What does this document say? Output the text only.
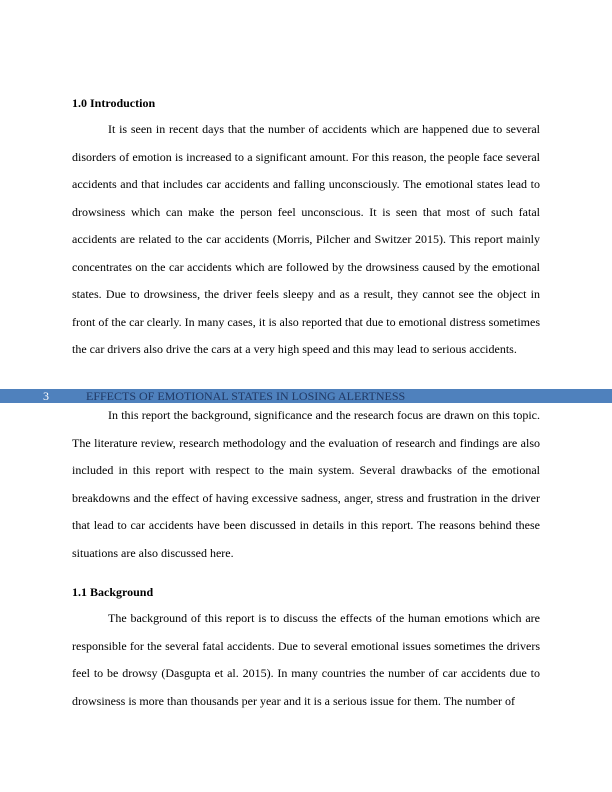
1.0 Introduction

It is seen in recent days that the number of accidents which are happened due to several disorders of emotion is increased to a significant amount. For this reason, the people face several accidents and that includes car accidents and falling unconsciously. The emotional states lead to drowsiness which can make the person feel unconscious. It is seen that most of such fatal accidents are related to the car accidents (Morris, Pilcher and Switzer 2015). This report mainly concentrates on the car accidents which are followed by the drowsiness caused by the emotional states. Due to drowsiness, the driver feels sleepy and as a result, they cannot see the object in front of the car clearly. In many cases, it is also reported that due to emotional distress sometimes the car drivers also drive the cars at a very high speed and this may lead to serious accidents.

3	EFFECTS OF EMOTIONAL STATES IN LOSING ALERTNESS

In this report the background, significance and the research focus are drawn on this topic. The literature review, research methodology and the evaluation of research and findings are also included in this report with respect to the main system. Several drawbacks of the emotional breakdowns and the effect of having excessive sadness, anger, stress and frustration in the driver that lead to car accidents have been discussed in details in this report. The reasons behind these situations are also discussed here.

1.1 Background

The background of this report is to discuss the effects of the human emotions which are responsible for the several fatal accidents. Due to several emotional issues sometimes the drivers feel to be drowsy (Dasgupta et al. 2015). In many countries the number of car accidents due to drowsiness is more than thousands per year and it is a serious issue for them. The number of
